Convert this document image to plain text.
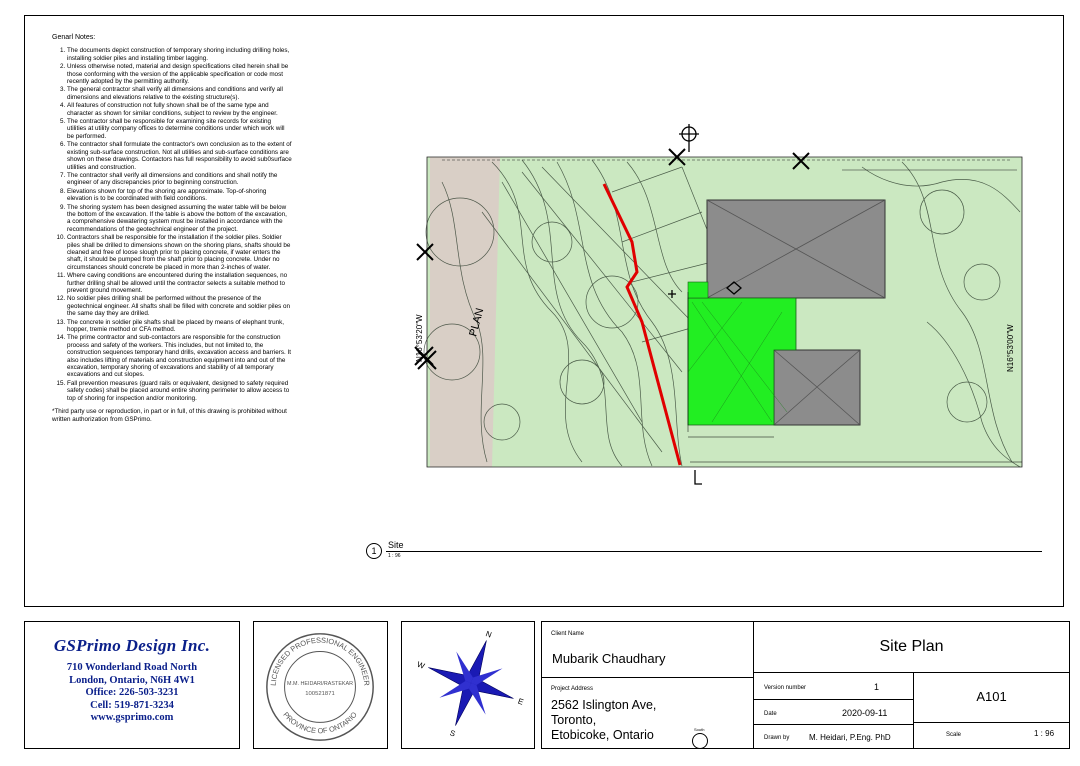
Genarl Notes:
1. The documents depict construction of temporary shoring including drilling holes, installing soldier piles and installing timber lagging.
2. Unless otherwise noted, material and design specifications cited herein shall be those conforming with the version of the applicable specification or code most recently adopted by the permitting authority.
3. The general contractor shall verify all dimensions and conditions and verify all dimensions and elevations relative to the existing structure(s).
4. All features of construction not fully shown shall be of the same type and character as shown for similar conditions, subject to review by the engineer.
5. The contractor shall be responsible for examining site records for existing utilities at utility company offices to determine conditions under which work will be performed.
6. The contractor shall formulate the contractor's own conclusion as to the extent of existing sub-surface construction. Not all utilities and sub-surface conditions are shown on these drawings. Contactors has full responsibility to avoid sub0surface utilities and construction.
7. The contractor shall verify all dimensions and conditions and shall notify the engineer of any discrepancies prior to beginning construction.
8. Elevations shown for top of the shoring are approximate. Top-of-shoring elevation is to be coordinated with field conditions.
9. The shoring system has been designed assuming the water table will be below the bottom of the excavation. If the table is above the bottom of the excavation, a comprehensive dewatering system must be installed in accordance with the recommendations of the geotechnical engineer of the project.
10. Contractors shall be responsible for the installation if the soldier piles. Soldier piles shall be drilled to dimensions shown on the shoring plans, shafts should be cleaned and free of loose slough prior to placing concrete, if water enters the shaft, it should be pumped from the shaft prior to placing concrete. Under no circumstances should concrete be placed in more than 2-inches of water.
11. Where caving conditions are encountered during the installation sequences, no further drilling shall be allowed until the contractor selects a suitable method to prevent ground movement.
12. No soldier piles drilling shall be performed without the presence of the geotechnical engineer. All shafts shall be filled with concrete and soldier piles on the same day they are drilled.
13. The concrete in soldier pile shafts shall be placed by means of elephant trunk, hopper, tremie method or CFA method.
14. The prime contractor and sub-contactors are responsible for the construction process and safety of the workers. This includes, but not limited to, the construction sequences temporary hand drills, excavation access and barriers. It also includes lifting of materials and construction equipment into and out of the excavation, temporary shoring of excavations and stability of all temporary excavations and cut slopes.
15. Fall prevention measures (guard rails or equivalent, designed to safety required safety codes) shall be placed around entire shoring perimeter to allow access to top of shoring for inspection and/or monitoring.
*Third party use or reproduction, in part or in full, of this drawing is prohibited without written authorization from GSPrimo.
PLAN
N16°53'00"W
N16°53'20"W
1
Site
1 : 96
GSPrimo Design Inc.
710 Wonderland Road North
London, Ontario, N6H 4W1
Office: 226-503-3231
Cell: 519-871-3234
www.gsprimo.com
LICENSED PROFESSIONAL ENGINEER
PROVINCE OF ONTARIO
M.M. HEIDARI/RASTEKAR
100521871
N
S
W
E
Client Name
Mubarik Chaudhary
Site Plan
Project Address
2562 Islington Ave,
Toronto,
Etobicoke, Ontario	South
Version number	1
Date	2020-09-11
Drawn by M. Heidari, P.Eng. PhD
A101
Scale	1 : 96
